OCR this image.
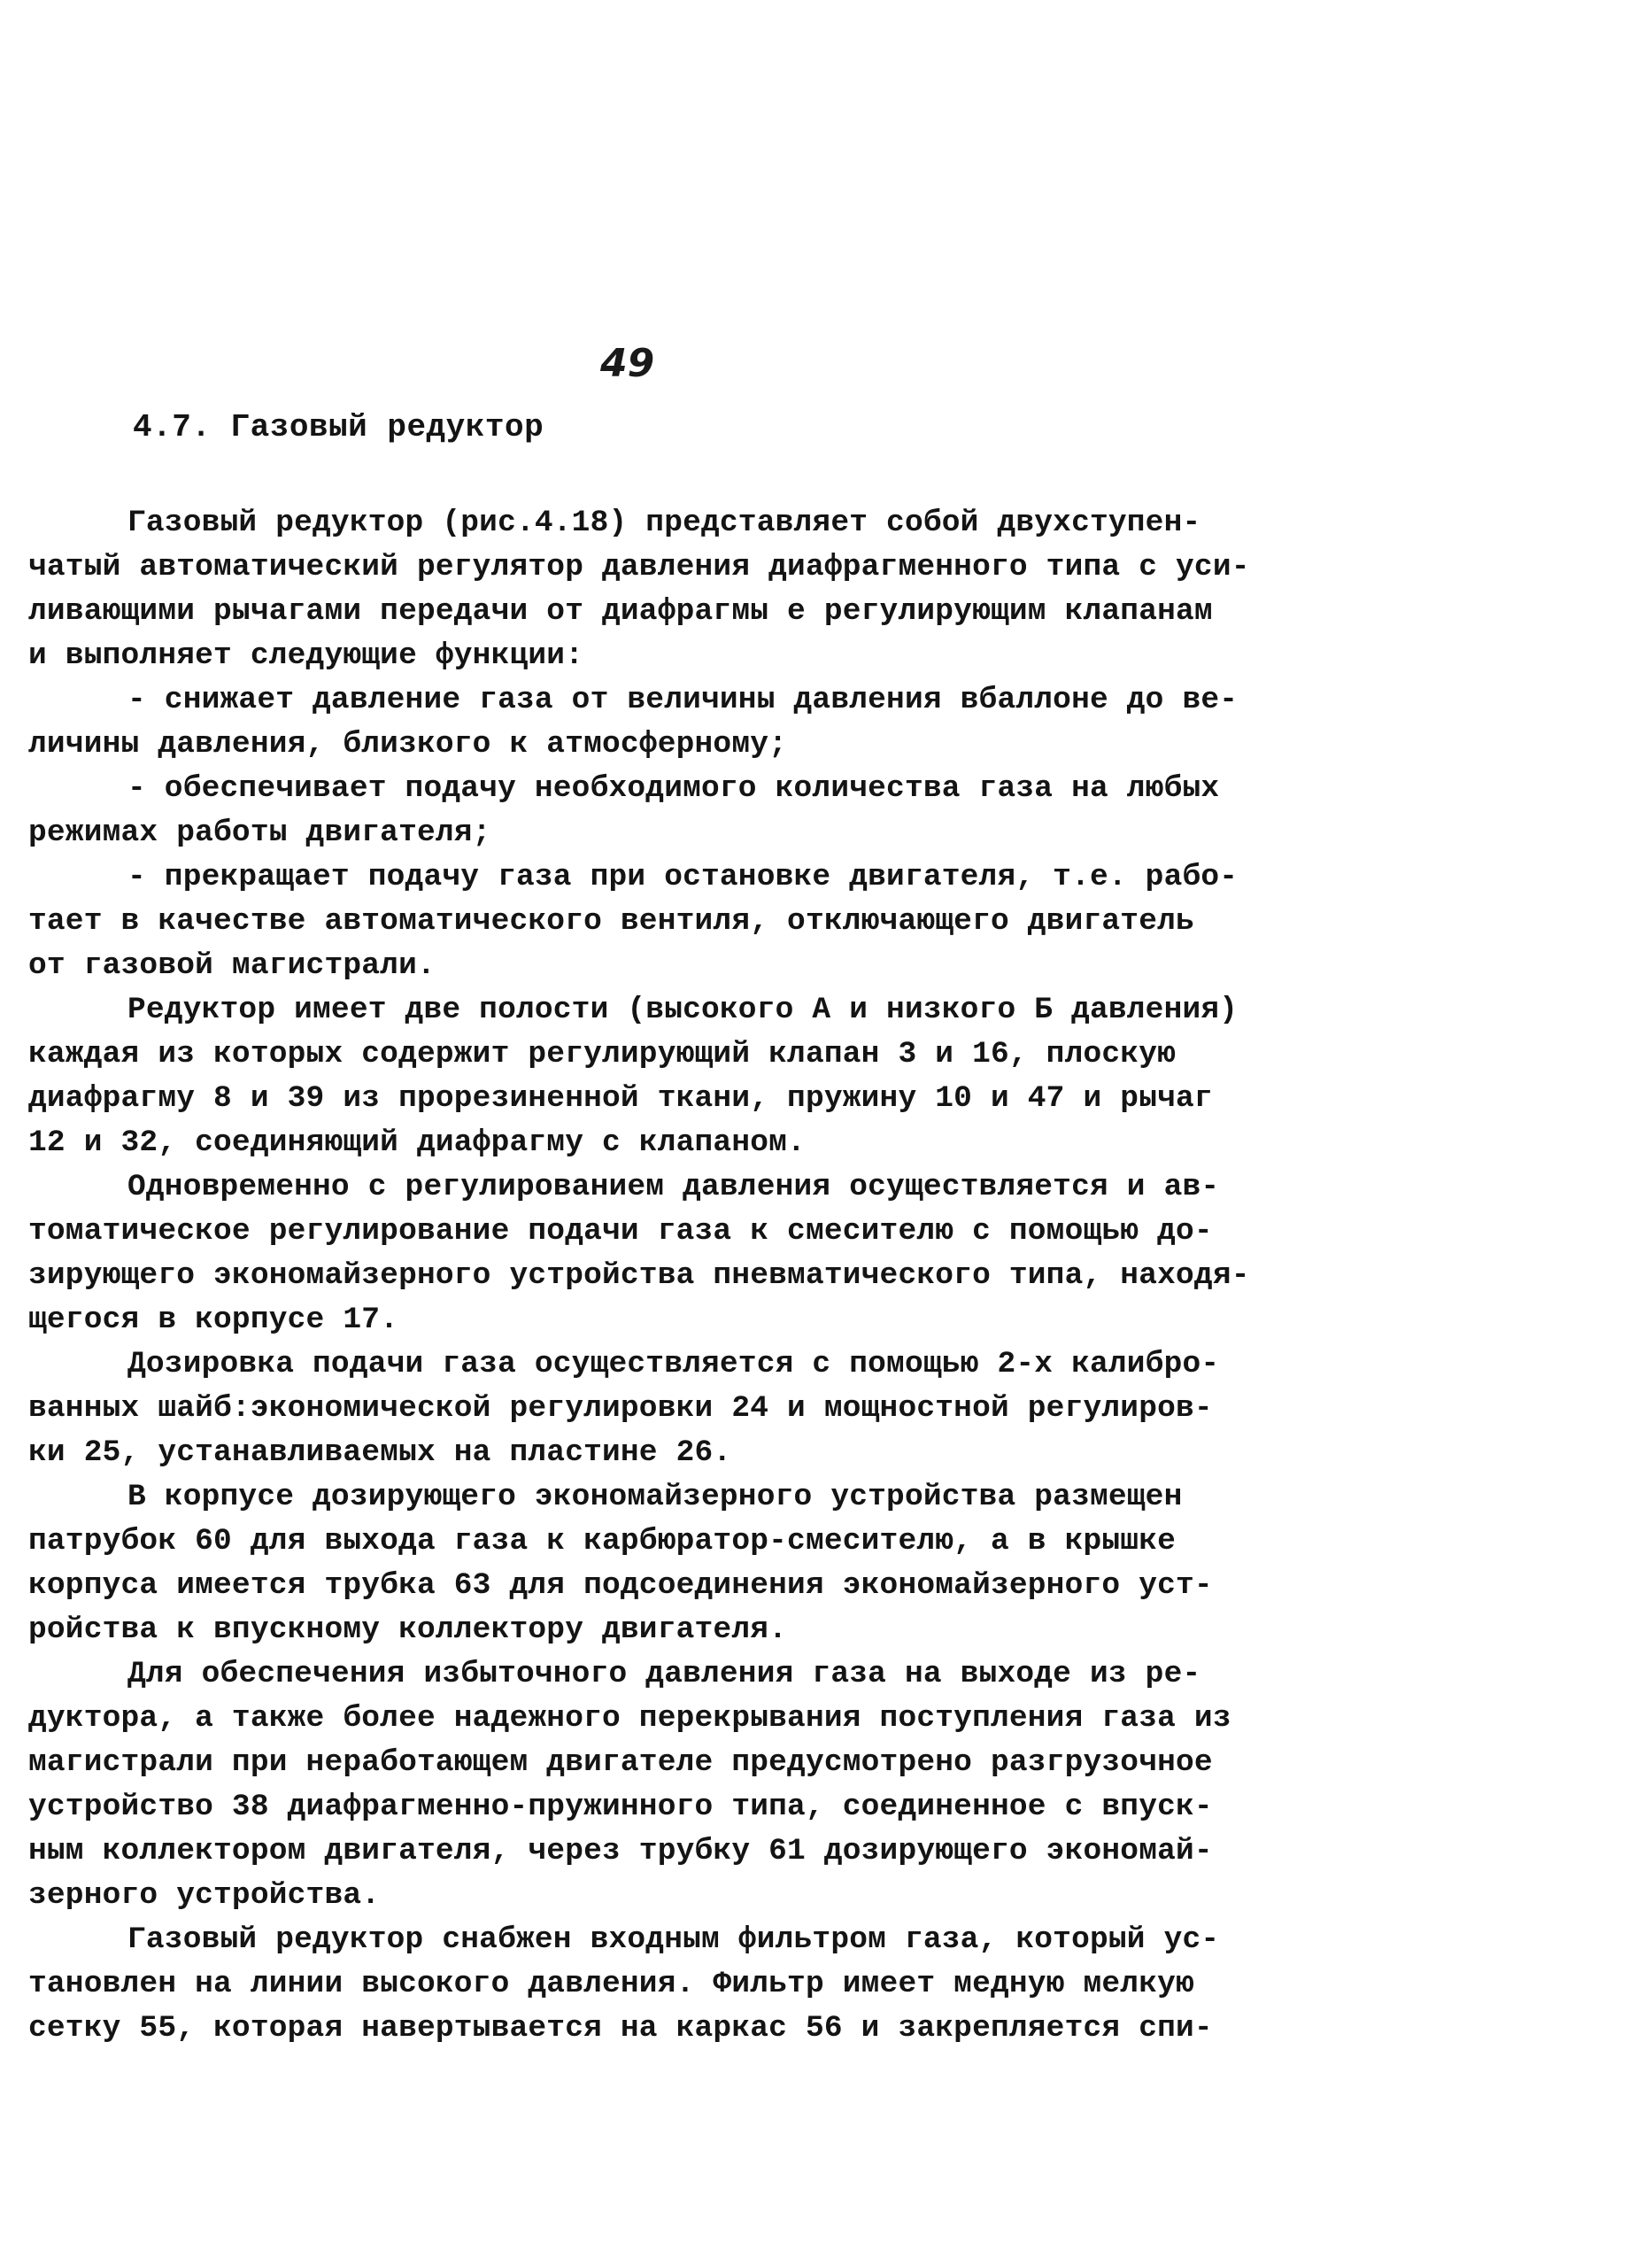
49
4.7. Газовый редуктор
Газовый редуктор (рис.4.18) представляет собой двухступен-
чатый автоматический регулятор давления диафрагменного типа с уси-
ливающими рычагами передачи от диафрагмы е регулирующим клапанам
и выполняет следующие функции:
- снижает давление газа от величины давления вбаллоне до ве-
личины давления, близкого к атмосферному;
- обеспечивает подачу необходимого количества газа на любых
режимах работы двигателя;
- прекращает подачу газа при остановке двигателя, т.е. рабо-
тает в качестве автоматического вентиля, отключающего двигатель
от газовой магистрали.
Редуктор имеет две полости (высокого А и низкого Б давления)
каждая из которых содержит регулирующий клапан 3 и 16, плоскую
диафрагму 8 и 39 из прорезиненной ткани, пружину 10 и 47 и рычаг
12 и 32, соединяющий диафрагму с клапаном.
Одновременно с регулированием давления осуществляется и ав-
томатическое регулирование подачи газа к смесителю с помощью до-
зирующего экономайзерного устройства пневматического типа, находя-
щегося в корпусе 17.
Дозировка подачи газа осуществляется с помощью 2-х калибро-
ванных шайб:экономической регулировки 24 и мощностной регулиров-
ки 25, устанавливаемых на пластине 26.
В корпусе дозирующего экономайзерного устройства размещен
патрубок 60 для выхода газа к карбюратор-смесителю, а в крышке
корпуса имеется трубка 63 для подсоединения экономайзерного уст-
ройства к впускному коллектору двигателя.
Для обеспечения избыточного давления газа на выходе из ре-
дуктора, а также более надежного перекрывания поступления газа из
магистрали при неработающем двигателе предусмотрено разгрузочное
устройство 38 диафрагменно-пружинного типа, соединенное с впуск-
ным коллектором двигателя, через трубку 61 дозирующего экономай-
зерного устройства.
Газовый редуктор снабжен входным фильтром газа, который ус-
тановлен на линии высокого давления. Фильтр имеет медную мелкую
сетку 55, которая навертывается на каркас 56 и закрепляется спи-
